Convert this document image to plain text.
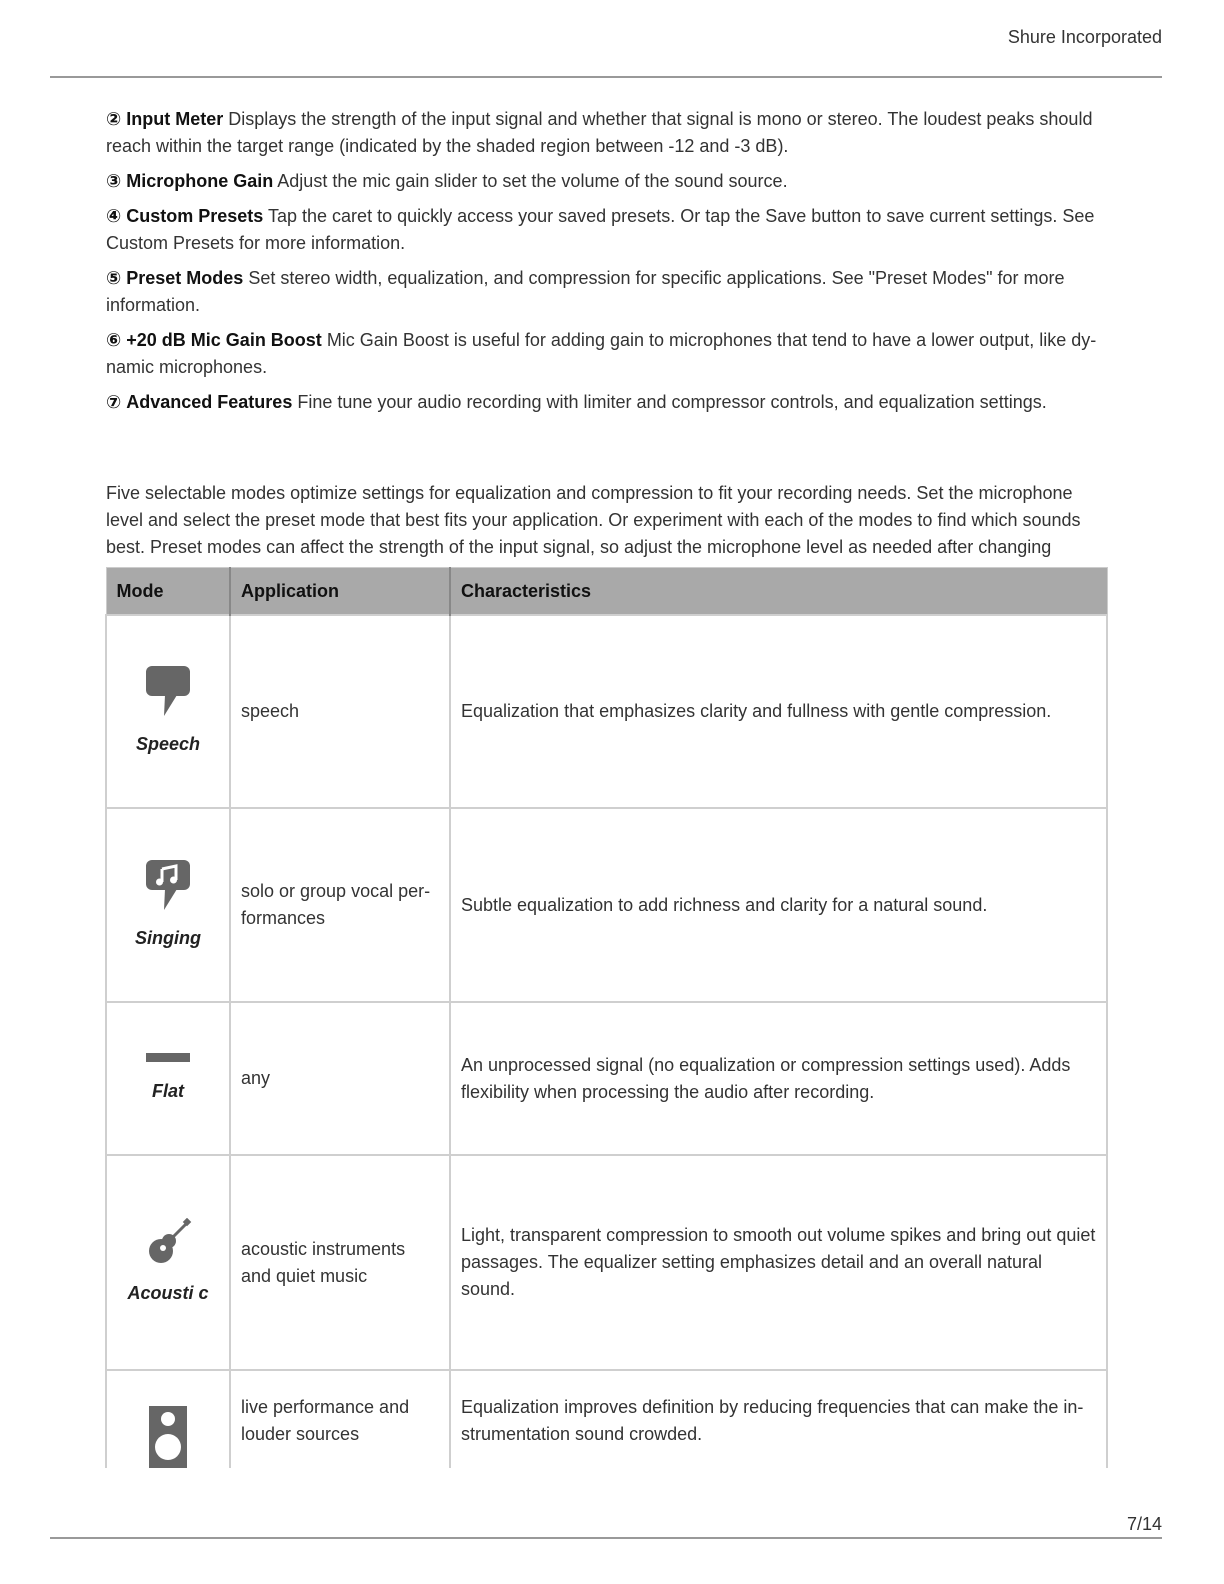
Shure Incorporated

② Input Meter Displays the strength of the input signal and whether that signal is mono or stereo. The loudest peaks should reach within the target range (indicated by the shaded region between -12 and -3 dB).

③ Microphone Gain Adjust the mic gain slider to set the volume of the sound source.

④ Custom Presets Tap the caret to quickly access your saved presets. Or tap the Save button to save current settings. See Custom Presets for more information.

⑤ Preset Modes Set stereo width, equalization, and compression for specific applications. See "Preset Modes" for more information.

⑥ +20 dB Mic Gain Boost Mic Gain Boost is useful for adding gain to microphones that tend to have a lower output, like dynamic microphones.

⑦ Advanced Features Fine tune your audio recording with limiter and compressor controls, and equalization settings.

Five selectable modes optimize settings for equalization and compression to fit your recording needs. Set the microphone level and select the preset mode that best fits your application. Or experiment with each of the modes to find which sounds best. Preset modes can affect the strength of the input signal, so adjust the microphone level as needed after changing

Mode	Application	Characteristics

Speech	speech	Equalization that emphasizes clarity and fullness with gentle compression.

Singing	solo or group vocal performances	Subtle equalization to add richness and clarity for a natural sound.

Flat	any	An unprocessed signal (no equalization or compression settings used). Adds flexibility when processing the audio after recording.

Acousti c	acoustic instruments and quiet music	Light, transparent compression to smooth out volume spikes and bring out quiet passages. The equalizer setting emphasizes detail and an overall natural sound.

	live performance and louder sources	Equalization improves definition by reducing frequencies that can make the instrumentation sound crowded.
7/14
